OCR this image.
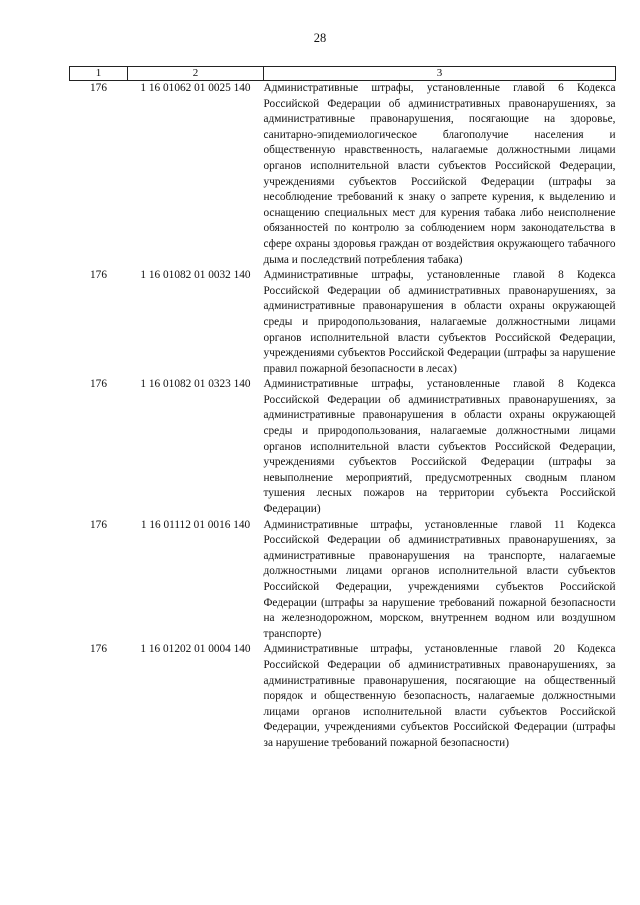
28
1	2	3
176	1 16 01062 01 0025 140	Административные штрафы, установленные главой 6 Кодекса Российской Федерации об административных правонарушениях, за административные правонарушения, посягающие на здоровье, санитарно-эпидемиологическое благополучие населения и общественную нравственность, налагаемые должностными лицами органов исполнительной власти субъектов Российской Федерации, учреждениями субъектов Российской Федерации (штрафы за несоблюдение требований к знаку о запрете курения, к выделению и оснащению специальных мест для курения табака либо неисполнение обязанностей по контролю за соблюдением норм законодательства в сфере охраны здоровья граждан от воздействия окружающего табачного дыма и последствий потребления табака)
176	1 16 01082 01 0032 140	Административные штрафы, установленные главой 8 Кодекса Российской Федерации об административных правонарушениях, за административные правонарушения в области охраны окружающей среды и природопользования, налагаемые должностными лицами органов исполнительной власти субъектов Российской Федерации, учреждениями субъектов Российской Федерации (штрафы за нарушение правил пожарной безопасности в лесах)
176	1 16 01082 01 0323 140	Административные штрафы, установленные главой 8 Кодекса Российской Федерации об административных правонарушениях, за административные правонарушения в области охраны окружающей среды и природопользования, налагаемые должностными лицами органов исполнительной власти субъектов Российской Федерации, учреждениями субъектов Российской Федерации (штрафы за невыполнение мероприятий, предусмотренных сводным планом тушения лесных пожаров на территории субъекта Российской Федерации)
176	1 16 01112 01 0016 140	Административные штрафы, установленные главой 11 Кодекса Российской Федерации об административных правонарушениях, за административные правонарушения на транспорте, налагаемые должностными лицами органов исполнительной власти субъектов Российской Федерации, учреждениями субъектов Российской Федерации (штрафы за нарушение требований пожарной безопасности на железнодорожном, морском, внутреннем водном или воздушном транспорте)
176	1 16 01202 01 0004 140	Административные штрафы, установленные главой 20 Кодекса Российской Федерации об административных правонарушениях, за административные правонарушения, посягающие на общественный порядок и общественную безопасность, налагаемые должностными лицами органов исполнительной власти субъектов Российской Федерации, учреждениями субъектов Российской Федерации (штрафы за нарушение требований пожарной безопасности)
